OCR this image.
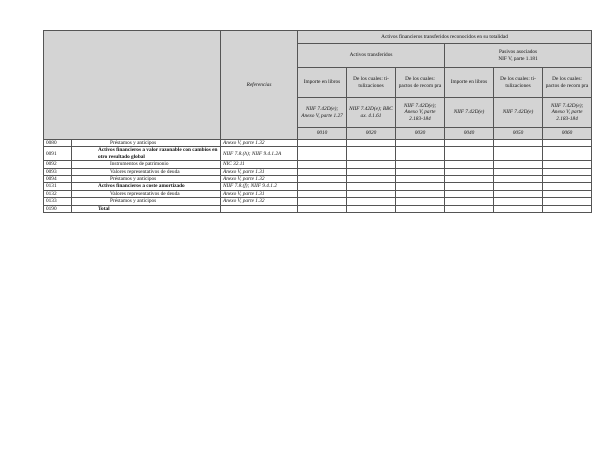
		Referencias	Activos financieros transferidos reconocidos en su totalidad					
			Activos transferidos			Pasivos asociados
NIF V, parte 1.181		

			Importe en libros	De los cuales: ti-tulizaciones	De los cuales: pactos de recom pra	Importe en libros	De los cuales: ti-tulizaciones	De los cuales: pactos de recom pra
			NIIF 7.42D(e); Anexo V, parte 1.27	NIIF 7.42D(e); BBC ax. 4.1.61	NIIF 7.42D(e); Anexo V, parte 2.183-184	NIIF 7.42D(e)	NIIF 7.42D(e)	NIIF 7.42D(e); Anexo V, parte 2.183-184
			0010	0020	0030	0040	0050	0060
0080	Préstamos y anticipos	Anexo V, parte 1.32						
0091	Activos financieros a valor razonable con cambios en otro resultado global	NIIF 7.8.(h); NIIF 9.4.1.2A						
0092	Instrumentos de patrimonio	NIC 32.11						
0093	Valores representativos de deuda	Anexo V, parte 1.31						
0094	Préstamos y anticipos	Anexo V, parte 1.32						
0131	Activos financieros a coste amortizado	NIIF 7.8.(f); NIIF 9.4.1.2						
0132	Valores representativos de deuda	Anexo V, parte 1.31						
0133	Préstamos y anticipos	Anexo V, parte 1.32						
0190	Total							
